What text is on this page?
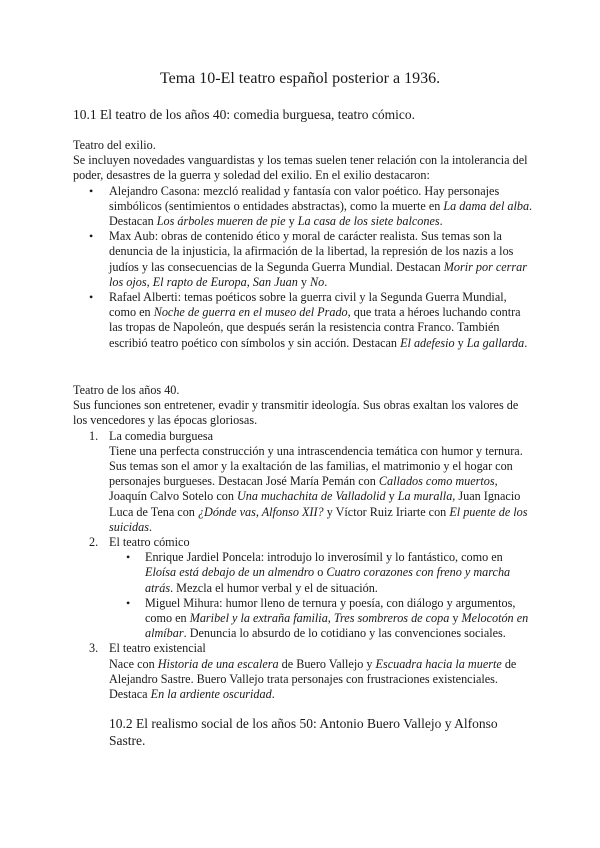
Tema 10-El teatro español posterior a 1936.
10.1 El teatro de los años 40: comedia burguesa, teatro cómico.

Teatro del exilio.

Se incluyen novedades vanguardistas y los temas suelen tener relación con la intolerancia del poder, desastres de la guerra y soledad del exilio. En el exilio destacaron:

• Alejandro Casona: mezcló realidad y fantasía con valor poético. Hay personajes simbólicos (sentimientos o entidades abstractas), como la muerte en La dama del alba. Destacan Los árboles mueren de pie y La casa de los siete balcones.
• Max Aub: obras de contenido ético y moral de carácter realista. Sus temas son la denuncia de la injusticia, la afirmación de la libertad, la represión de los nazis a los judíos y las consecuencias de la Segunda Guerra Mundial. Destacan Morir por cerrar los ojos, El rapto de Europa, San Juan y No.
• Rafael Alberti: temas poéticos sobre la guerra civil y la Segunda Guerra Mundial, como en Noche de guerra en el museo del Prado, que trata a héroes luchando contra las tropas de Napoleón, que después serán la resistencia contra Franco. También escribió teatro poético con símbolos y sin acción. Destacan El adefesio y La gallarda.

Teatro de los años 40.

Sus funciones son entretener, evadir y transmitir ideología. Sus obras exaltan los valores de los vencedores y las épocas gloriosas.

1. La comedia burguesa
Tiene una perfecta construcción y una intrascendencia temática con humor y ternura. Sus temas son el amor y la exaltación de las familias, el matrimonio y el hogar con personajes burgueses. Destacan José María Pemán con Callados como muertos, Joaquín Calvo Sotelo con Una muchachita de Valladolid y La muralla, Juan Ignacio Luca de Tena con ¿Dónde vas, Alfonso XII? y Víctor Ruiz Iriarte con El puente de los suicidas.
2. El teatro cómico
• Enrique Jardiel Poncela: introdujo lo inverosímil y lo fantástico, como en Eloísa está debajo de un almendro o Cuatro corazones con freno y marcha atrás. Mezcla el humor verbal y el de situación.
• Miguel Mihura: humor lleno de ternura y poesía, con diálogo y argumentos, como en Maribel y la extraña familia, Tres sombreros de copa y Melocotón en almíbar. Denuncia lo absurdo de lo cotidiano y las convenciones sociales.
3. El teatro existencial
Nace con Historia de una escalera de Buero Vallejo y Escuadra hacia la muerte de Alejandro Sastre. Buero Vallejo trata personajes con frustraciones existenciales. Destaca En la ardiente oscuridad.
10.2 El realismo social de los años 50: Antonio Buero Vallejo y Alfonso Sastre.
